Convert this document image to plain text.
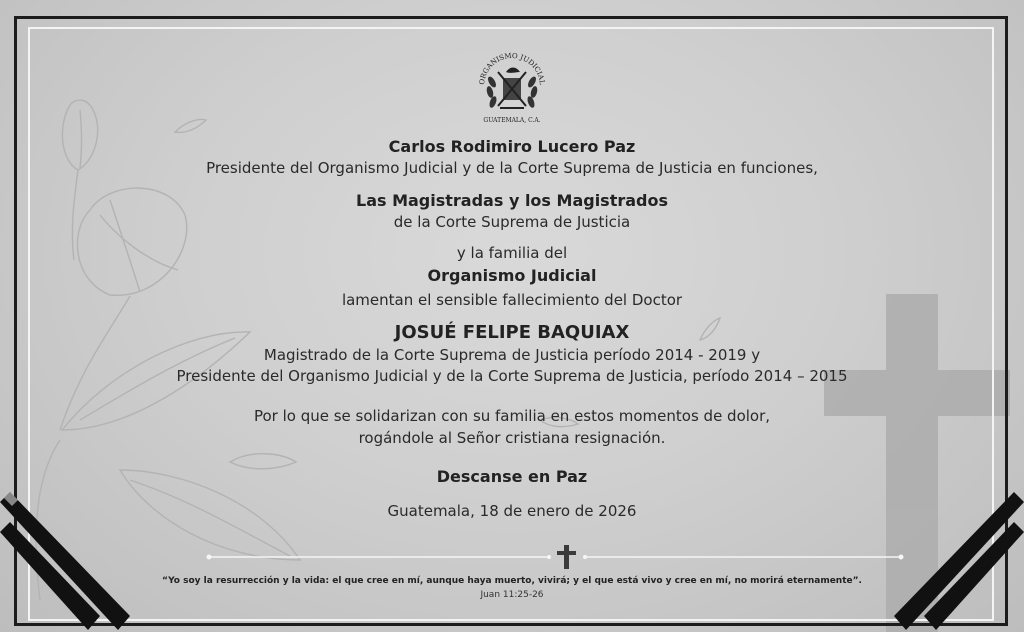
ORGANISMO JUDICIAL
GUATEMALA, C.A.
Carlos Rodimiro Lucero Paz
Presidente del Organismo Judicial y de la Corte Suprema de Justicia en funciones,
Las Magistradas y los Magistrados
de la Corte Suprema de Justicia
y la familia del
Organismo Judicial
lamentan el sensible fallecimiento del Doctor
JOSUÉ FELIPE BAQUIAX
Magistrado de la Corte Suprema de Justicia período 2014 - 2019 y
Presidente del Organismo Judicial y de la Corte Suprema de Justicia, período 2014 – 2015
Por lo que se solidarizan con su familia en estos momentos de dolor,
rogándole al Señor cristiana resignación.
Descanse en Paz
Guatemala, 18 de enero de 2026
“Yo soy la resurrección y la vida: el que cree en mí, aunque haya muerto, vivirá; y el que está vivo y cree en mí, no morirá eternamente”.
Juan 11:25-26
